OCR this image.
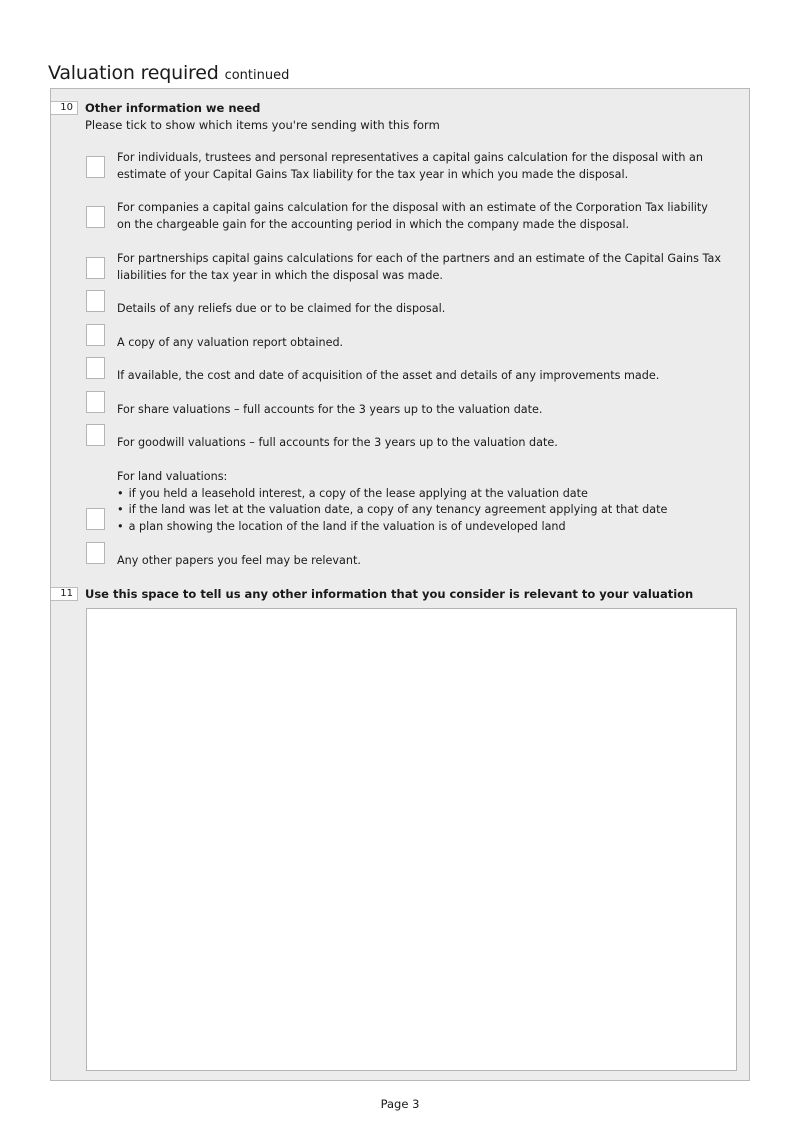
Valuation required continued
10	Other information we need
Please tick to show which items you're sending with this form
For individuals, trustees and personal representatives a capital gains calculation for the disposal with an
estimate of your Capital Gains Tax liability for the tax year in which you made the disposal.
For companies a capital gains calculation for the disposal with an estimate of the Corporation Tax liability
on the chargeable gain for the accounting period in which the company made the disposal.
For partnerships capital gains calculations for each of the partners and an estimate of the Capital Gains Tax
liabilities for the tax year in which the disposal was made.
Details of any reliefs due or to be claimed for the disposal.
A copy of any valuation report obtained.
If available, the cost and date of acquisition of the asset and details of any improvements made.
For share valuations – full accounts for the 3 years up to the valuation date.
For goodwill valuations – full accounts for the 3 years up to the valuation date.
For land valuations:
• if you held a leasehold interest, a copy of the lease applying at the valuation date
• if the land was let at the valuation date, a copy of any tenancy agreement applying at that date
• a plan showing the location of the land if the valuation is of undeveloped land
Any other papers you feel may be relevant.
11	Use this space to tell us any other information that you consider is relevant to your valuation
Page 3
